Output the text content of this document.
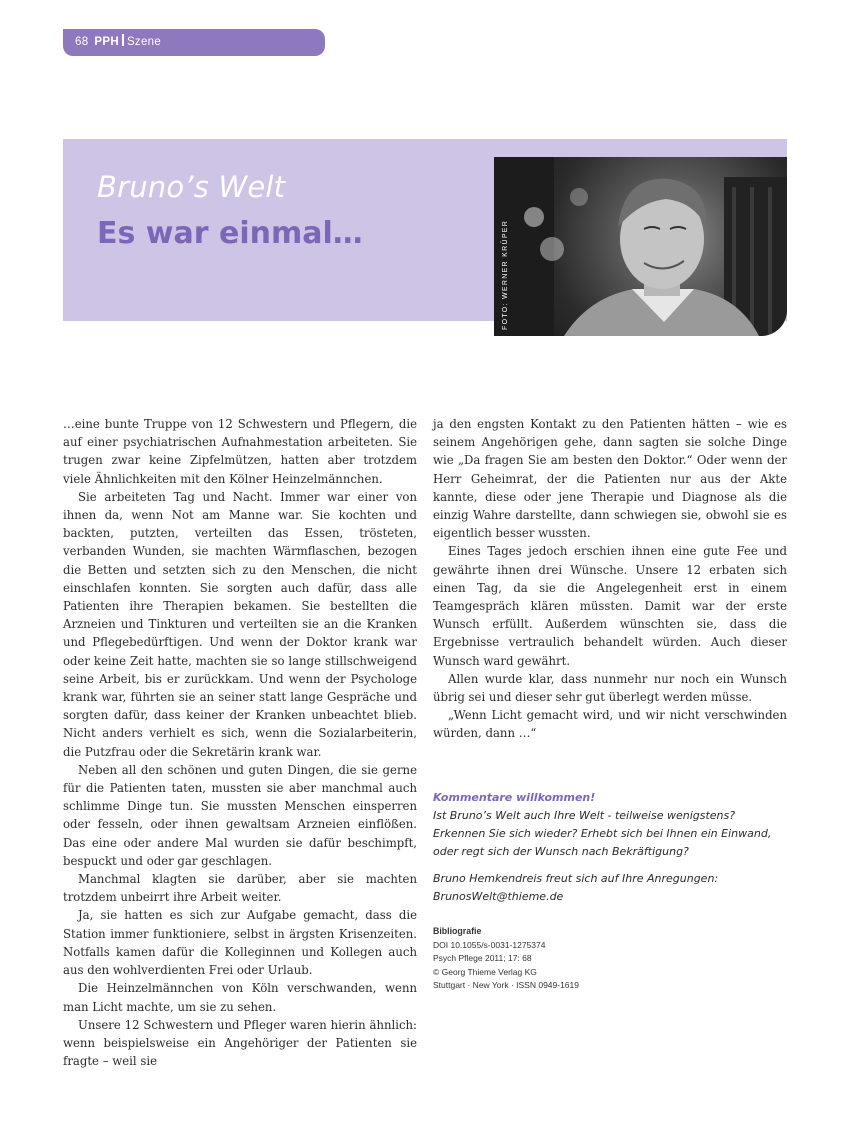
68 PPH Szene
Bruno’s Welt
Es war einmal…	FOTO: WERNER KRÜPER

…eine bunte Truppe von 12 Schwestern und Pflegern, die auf einer psychiatrischen Aufnahmestation arbeiteten. Sie trugen zwar keine Zipfelmützen, hatten aber trotzdem viele Ähnlichkeiten mit den Kölner Heinzelmännchen.

Sie arbeiteten Tag und Nacht. Immer war einer von ihnen da, wenn Not am Manne war. Sie kochten und backten, putzten, verteilten das Essen, trösteten, verbanden Wunden, sie machten Wärmflaschen, bezogen die Betten und setzten sich zu den Menschen, die nicht einschlafen konnten. Sie sorgten auch dafür, dass alle Patienten ihre Therapien bekamen. Sie bestellten die Arzneien und Tinkturen und verteilten sie an die Kranken und Pflegebedürftigen. Und wenn der Doktor krank war oder keine Zeit hatte, machten sie so lange stillschweigend seine Arbeit, bis er zurückkam. Und wenn der Psychologe krank war, führten sie an seiner statt lange Gespräche und sorgten dafür, dass keiner der Kranken unbeachtet blieb. Nicht anders verhielt es sich, wenn die Sozialarbeiterin, die Putzfrau oder die Sekretärin krank war.

Neben all den schönen und guten Dingen, die sie gerne für die Patienten taten, mussten sie aber manchmal auch schlimme Dinge tun. Sie mussten Menschen einsperren oder fesseln, oder ihnen gewaltsam Arzneien einflößen. Das eine oder andere Mal wurden sie dafür beschimpft, bespuckt und oder gar geschlagen.

Manchmal klagten sie darüber, aber sie machten trotzdem unbeirrt ihre Arbeit weiter.

Ja, sie hatten es sich zur Aufgabe gemacht, dass die Station immer funktioniere, selbst in ärgsten Krisenzeiten. Notfalls kamen dafür die Kolleginnen und Kollegen auch aus den wohlverdienten Frei oder Urlaub.

Die Heinzelmännchen von Köln verschwanden, wenn man Licht machte, um sie zu sehen.

Unsere 12 Schwestern und Pfleger waren hierin ähnlich: wenn beispielsweise ein Angehöriger der Patienten sie fragte – weil sie

ja den engsten Kontakt zu den Patienten hätten – wie es seinem Angehörigen gehe, dann sagten sie solche Dinge wie „Da fragen Sie am besten den Doktor.“ Oder wenn der Herr Geheimrat, der die Patienten nur aus der Akte kannte, diese oder jene Therapie und Diagnose als die einzig Wahre darstellte, dann schwiegen sie, obwohl sie es eigentlich besser wussten.

Eines Tages jedoch erschien ihnen eine gute Fee und gewährte ihnen drei Wünsche. Unsere 12 erbaten sich einen Tag, da sie die Angelegenheit erst in einem Teamgespräch klären müssten. Damit war der erste Wunsch erfüllt. Außerdem wünschten sie, dass die Ergebnisse vertraulich behandelt würden. Auch dieser Wunsch ward gewährt.

Allen wurde klar, dass nunmehr nur noch ein Wunsch übrig sei und dieser sehr gut überlegt werden müsse.

„Wenn Licht gemacht wird, und wir nicht verschwinden würden, dann …“

Kommentare willkommen!
Ist Bruno’s Welt auch Ihre Welt - teilweise wenigstens? Erkennen Sie sich wieder? Erhebt sich bei Ihnen ein Einwand, oder regt sich der Wunsch nach Bekräftigung?
Bruno Hemkendreis freut sich auf Ihre Anregungen:
BrunosWelt@thieme.de
Bibliografie
DOI 10.1055/s-0031-1275374
Psych Pflege 2011; 17: 68
© Georg Thieme Verlag KG
Stuttgart · New York · ISSN 0949-1619
